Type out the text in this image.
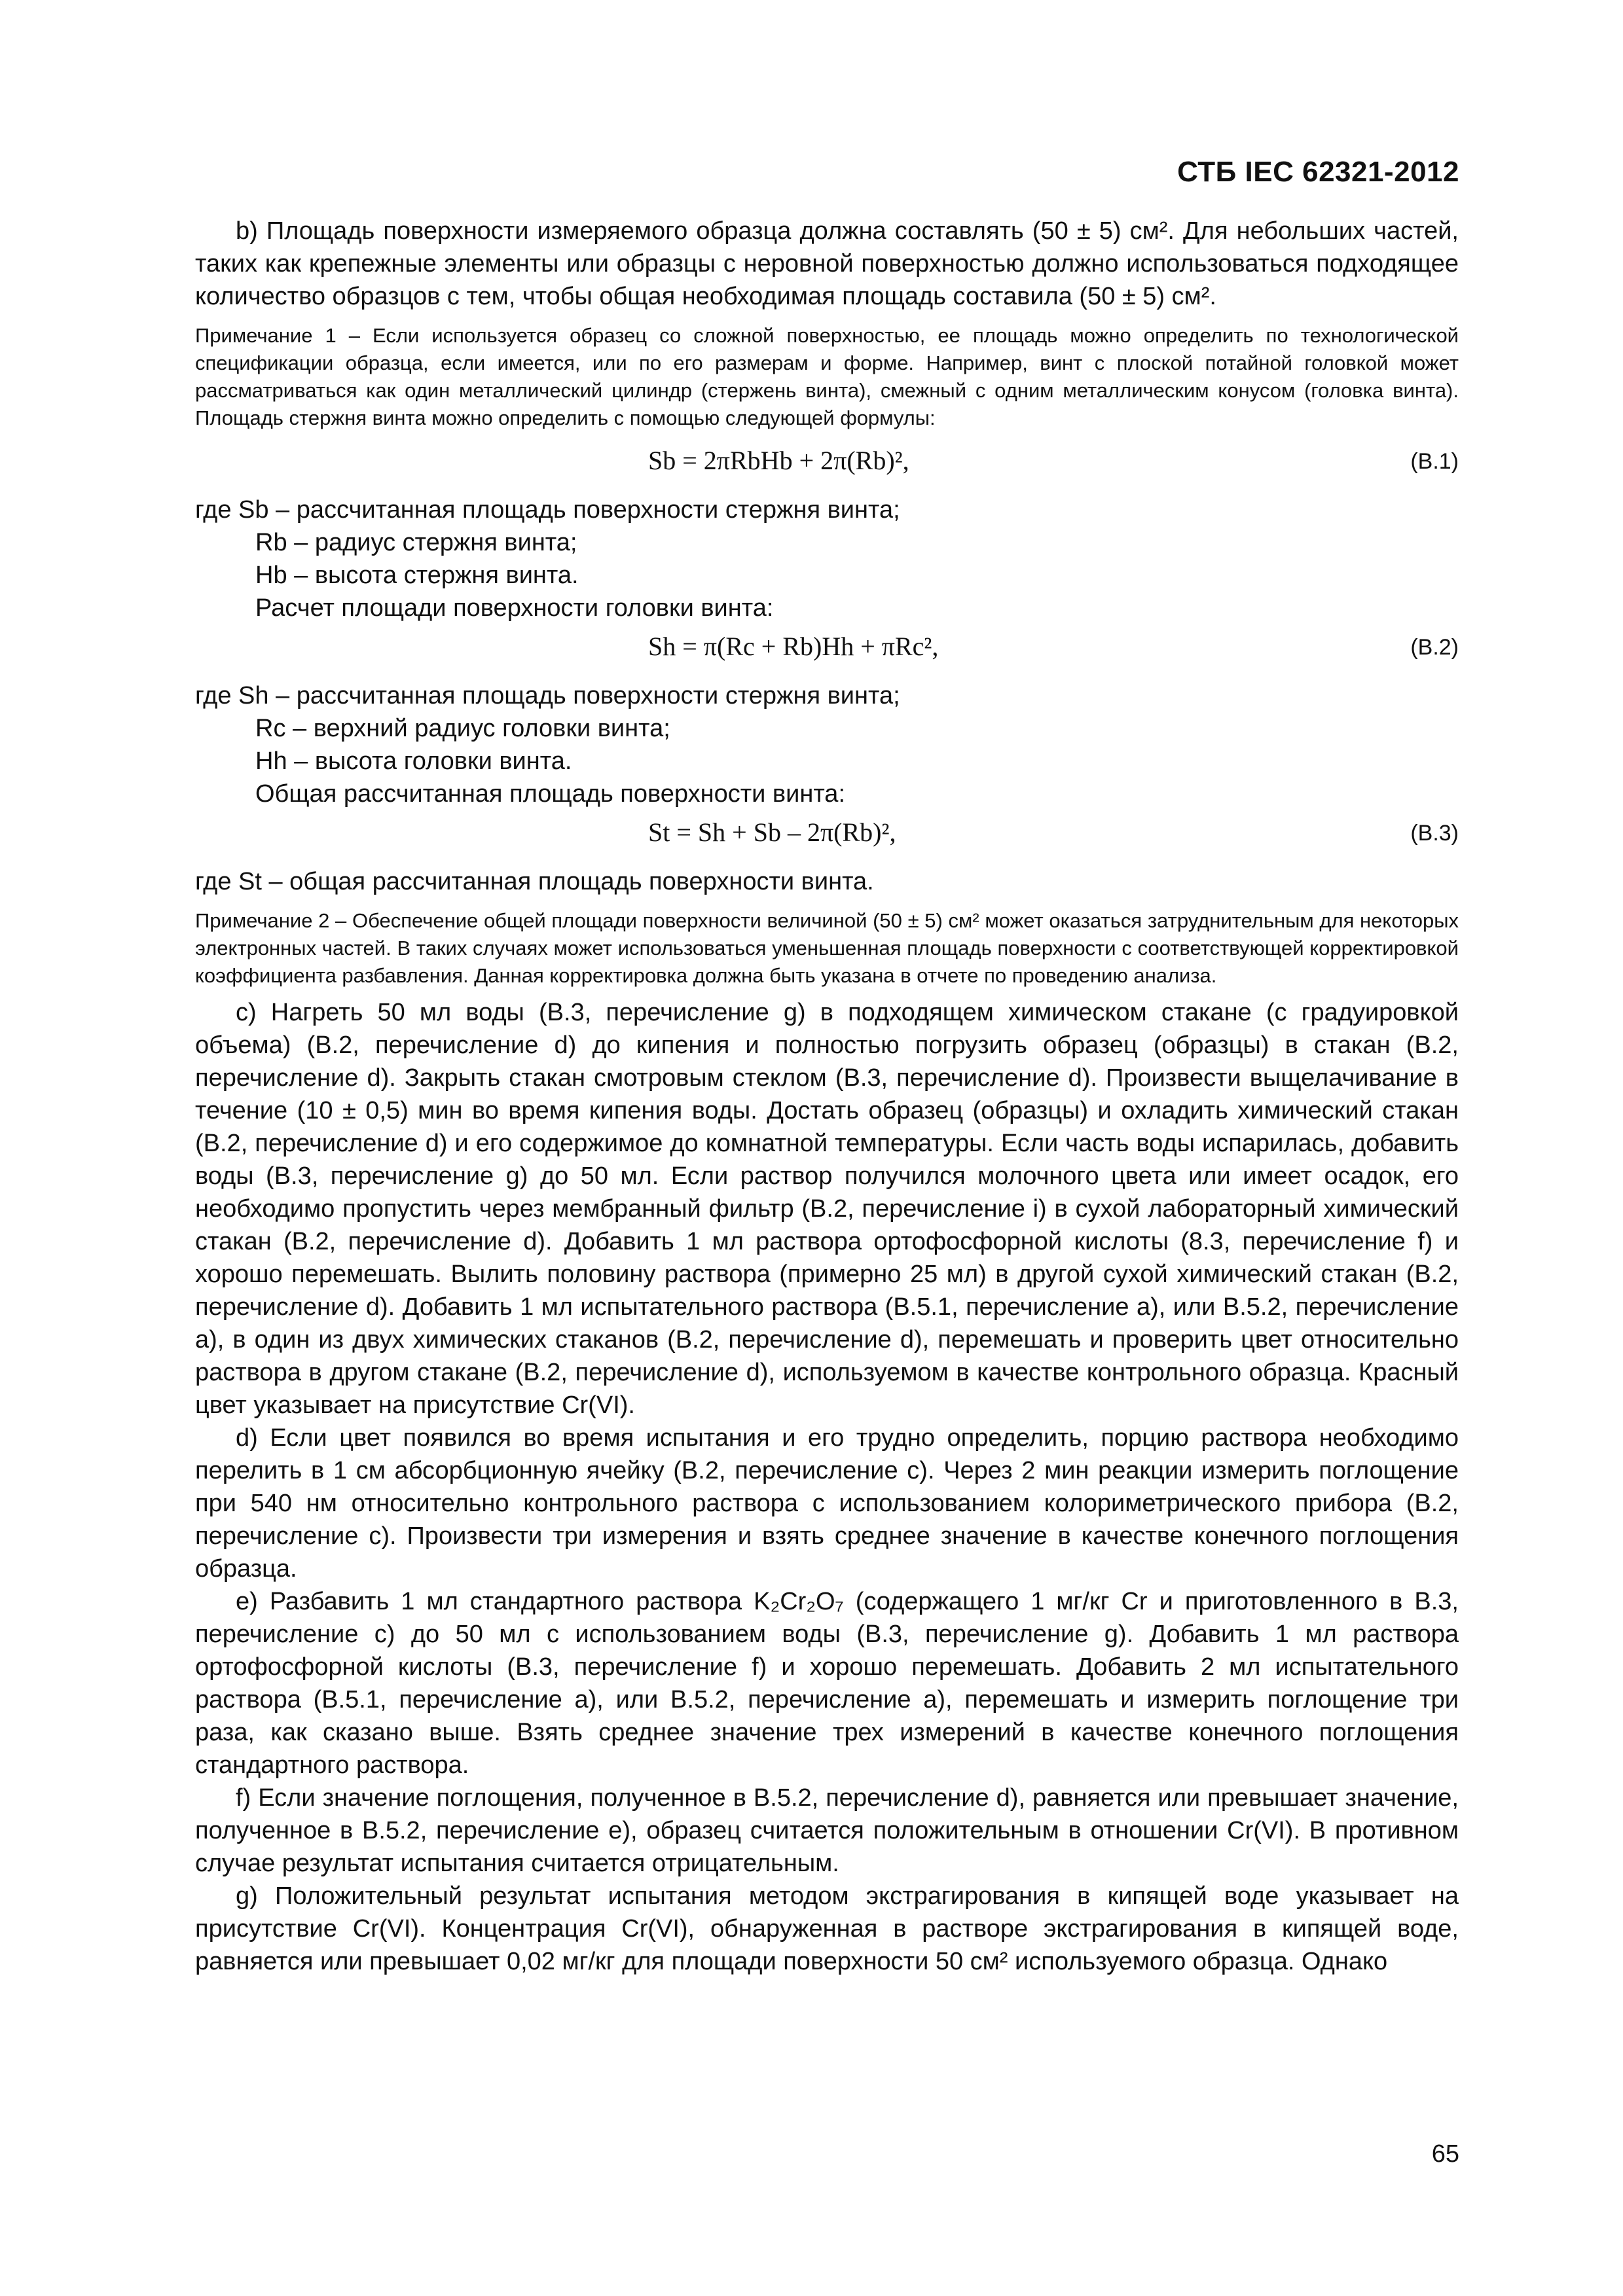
СТБ IEC 62321-2012

b) Площадь поверхности измеряемого образца должна составлять (50 ± 5) см². Для небольших частей, таких как крепежные элементы или образцы с неровной поверхностью должно использоваться подходящее количество образцов с тем, чтобы общая необходимая площадь составила (50 ± 5) см².

Примечание 1 – Если используется образец со сложной поверхностью, ее площадь можно определить по технологической спецификации образца, если имеется, или по его размерам и форме. Например, винт с плоской потайной головкой может рассматриваться как один металлический цилиндр (стержень винта), смежный с одним металлическим конусом (головка винта). Площадь стержня винта можно определить с помощью следующей формулы:

Sb = 2πRbHb + 2π(Rb)²,	(B.1)

где Sb – рассчитанная площадь поверхности стержня винта;

Rb – радиус стержня винта;

Hb – высота стержня винта.

Расчет площади поверхности головки винта:

Sh = π(Rc + Rb)Hh + πRc²,	(B.2)

где Sh – рассчитанная площадь поверхности стержня винта;

Rc – верхний радиус головки винта;

Hh – высота головки винта.

Общая рассчитанная площадь поверхности винта:

St = Sh + Sb – 2π(Rb)²,	(B.3)

где St – общая рассчитанная площадь поверхности винта.

Примечание 2 – Обеспечение общей площади поверхности величиной (50 ± 5) см² может оказаться затруднительным для некоторых электронных частей. В таких случаях может использоваться уменьшенная площадь поверхности с соответствующей корректировкой коэффициента разбавления. Данная корректировка должна быть указана в отчете по проведению анализа.

c) Нагреть 50 мл воды (B.3, перечисление g) в подходящем химическом стакане (с градуировкой объема) (B.2, перечисление d) до кипения и полностью погрузить образец (образцы) в стакан (B.2, перечисление d). Закрыть стакан смотровым стеклом (B.3, перечисление d). Произвести выщелачивание в течение (10 ± 0,5) мин во время кипения воды. Достать образец (образцы) и охладить химический стакан (B.2, перечисление d) и его содержимое до комнатной температуры. Если часть воды испарилась, добавить воды (B.3, перечисление g) до 50 мл. Если раствор получился молочного цвета или имеет осадок, его необходимо пропустить через мембранный фильтр (B.2, перечисление i) в сухой лабораторный химический стакан (B.2, перечисление d). Добавить 1 мл раствора ортофосфорной кислоты (8.3, перечисление f) и хорошо перемешать. Вылить половину раствора (примерно 25 мл) в другой сухой химический стакан (B.2, перечисление d). Добавить 1 мл испытательного раствора (B.5.1, перечисление a), или B.5.2, перечисление a), в один из двух химических стаканов (B.2, перечисление d), перемешать и проверить цвет относительно раствора в другом стакане (B.2, перечисление d), используемом в качестве контрольного образца. Красный цвет указывает на присутствие Cr(VI).

d) Если цвет появился во время испытания и его трудно определить, порцию раствора необходимо перелить в 1 см абсорбционную ячейку (B.2, перечисление c). Через 2 мин реакции измерить поглощение при 540 нм относительно контрольного раствора с использованием колориметрического прибора (B.2, перечисление c). Произвести три измерения и взять среднее значение в качестве конечного поглощения образца.

e) Разбавить 1 мл стандартного раствора K₂Cr₂O₇ (содержащего 1 мг/кг Cr и приготовленного в B.3, перечисление c) до 50 мл с использованием воды (B.3, перечисление g). Добавить 1 мл раствора ортофосфорной кислоты (B.3, перечисление f) и хорошо перемешать. Добавить 2 мл испытательного раствора (B.5.1, перечисление a), или B.5.2, перечисление a), перемешать и измерить поглощение три раза, как сказано выше. Взять среднее значение трех измерений в качестве конечного поглощения стандартного раствора.

f) Если значение поглощения, полученное в B.5.2, перечисление d), равняется или превышает значение, полученное в B.5.2, перечисление e), образец считается положительным в отношении Cr(VI). В противном случае результат испытания считается отрицательным.

g) Положительный результат испытания методом экстрагирования в кипящей воде указывает на присутствие Cr(VI). Концентрация Cr(VI), обнаруженная в растворе экстрагирования в кипящей воде, равняется или превышает 0,02 мг/кг для площади поверхности 50 см² используемого образца. Однако

65
